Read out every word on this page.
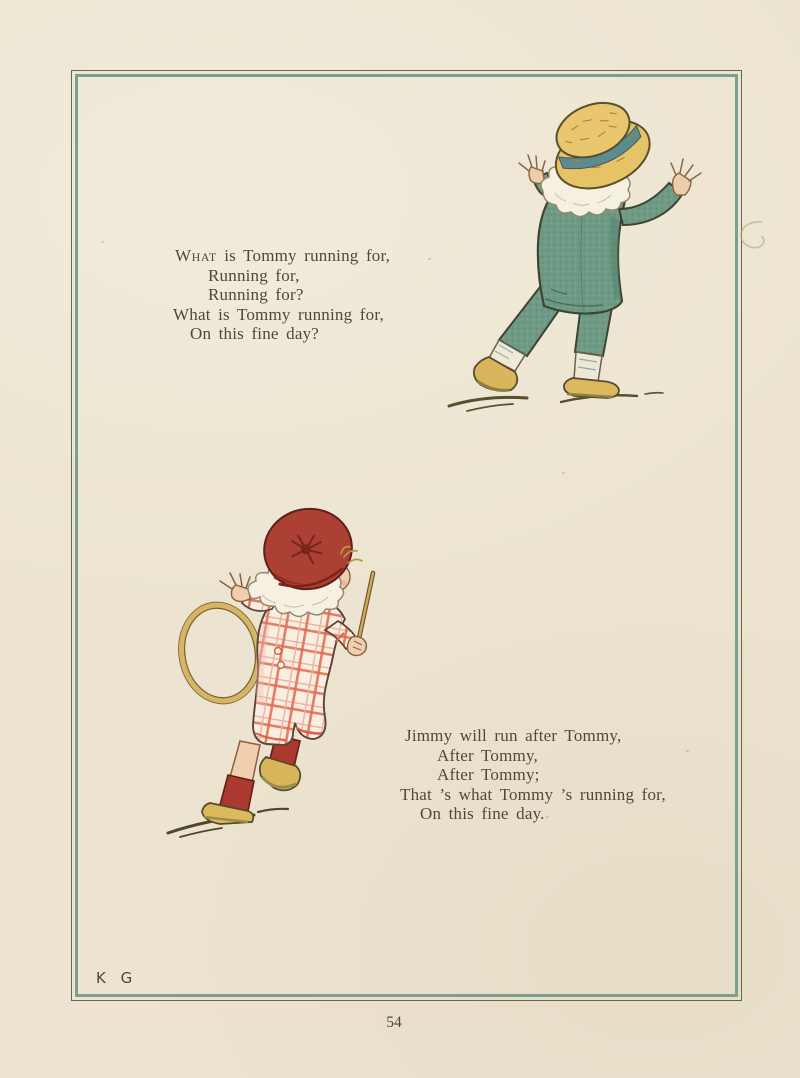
What is Tommy running for,
Running for,
Running for?
What is Tommy running for,
On this fine day?
Jimmy will run after Tommy,
After Tommy,
After Tommy;
That ’s what Tommy ’s running for,
On this fine day.
K G
54
